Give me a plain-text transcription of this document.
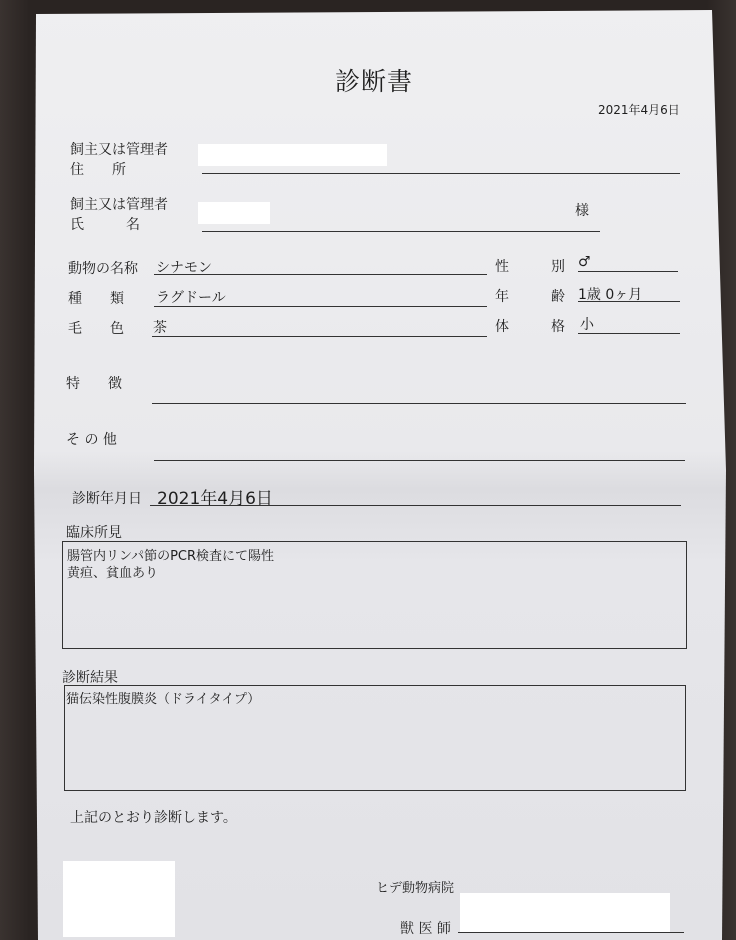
診断書
2021年4月6日
飼主又は管理者
住　　所
飼主又は管理者
氏　　　名
様
動物の名称 シナモン
種　　類 ラグドール
毛　　色 茶
性　　　別 ♂
年　　　齢 1歳 0ヶ月
体　　　格 小
特　　徴
そ の 他
診断年月日 2021年4月6日
臨床所見
腸管内リンパ節のPCR検査にて陽性
黄疸、貧血あり
診断結果
猫伝染性腹膜炎（ドライタイプ）
上記のとおり診断します。
ヒデ動物病院
獣 医 師
